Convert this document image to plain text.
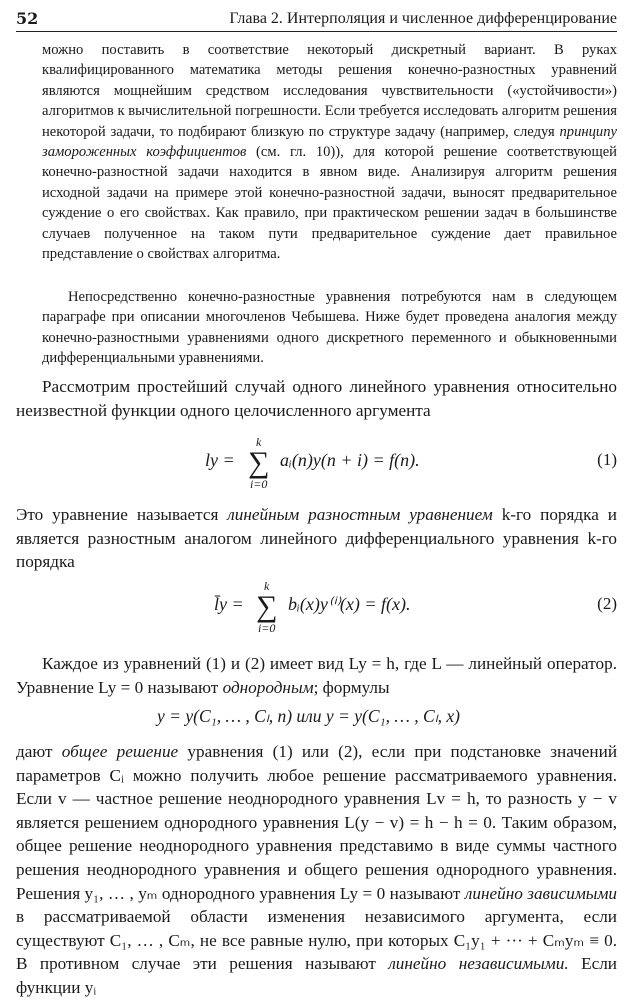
52	Глава 2. Интерполяция и численное дифференцирование

можно поставить в соответствие некоторый дискретный вариант. В руках квалифицированного математика методы решения конечно-разностных уравнений являются мощнейшим средством исследования чувствительности («устойчивости») алгоритмов к вычислительной погрешности. Если требуется исследовать алгоритм решения некоторой задачи, то подбирают близкую по структуре задачу (например, следуя принципу замороженных коэффициентов (см. гл. 10)), для которой решение соответствующей конечно-разностной задачи находится в явном виде. Анализируя алгоритм решения исходной задачи на примере этой конечно-разностной задачи, выносят предварительное суждение о его свойствах. Как правило, при практическом решении задач в большинстве случаев полученное на таком пути предварительное суждение дает правильное представление о свойствах алгоритма.

Непосредственно конечно-разностные уравнения потребуются нам в следующем параграфе при описании многочленов Чебышева. Ниже будет проведена аналогия между конечно-разностными уравнениями одного дискретного переменного и обыкновенными дифференциальными уравнениями.

Рассмотрим простейший случай одного линейного уравнения относительно неизвестной функции одного целочисленного аргумента

ly =
k
∑
i=0
aᵢ(n)y(n + i) = f(n).	(1)

Это уравнение называется линейным разностным уравнением k-го порядка и является разностным аналогом линейного дифференциального уравнения k-го порядка

l̄y =
k
∑
i=0
bᵢ(x)y⁽ⁱ⁾(x) = f(x).	(2)

Каждое из уравнений (1) и (2) имеет вид Ly = h, где L — линейный оператор. Уравнение Ly = 0 называют однородным; формулы

y = y(C₁, … , Cₗ, n) или y = y(C₁, … , Cₗ, x)

дают общее решение уравнения (1) или (2), если при подстановке значений параметров Cᵢ можно получить любое решение рассматриваемого уравнения. Если v — частное решение неоднородного уравнения Lv = h, то разность y − v является решением однородного уравнения L(y − v) = h − h = 0. Таким образом, общее решение неоднородного уравнения представимо в виде суммы частного решения неоднородного уравнения и общего решения однородного уравнения. Решения y₁, … , yₘ однородного уравнения Ly = 0 называют линейно зависимыми в рассматриваемой области изменения независимого аргумента, если существуют C₁, … , Cₘ, не все равные нулю, при которых C₁y₁ + ··· + Cₘyₘ ≡ 0. В противном случае эти решения называют линейно независимыми. Если функции yᵢ
